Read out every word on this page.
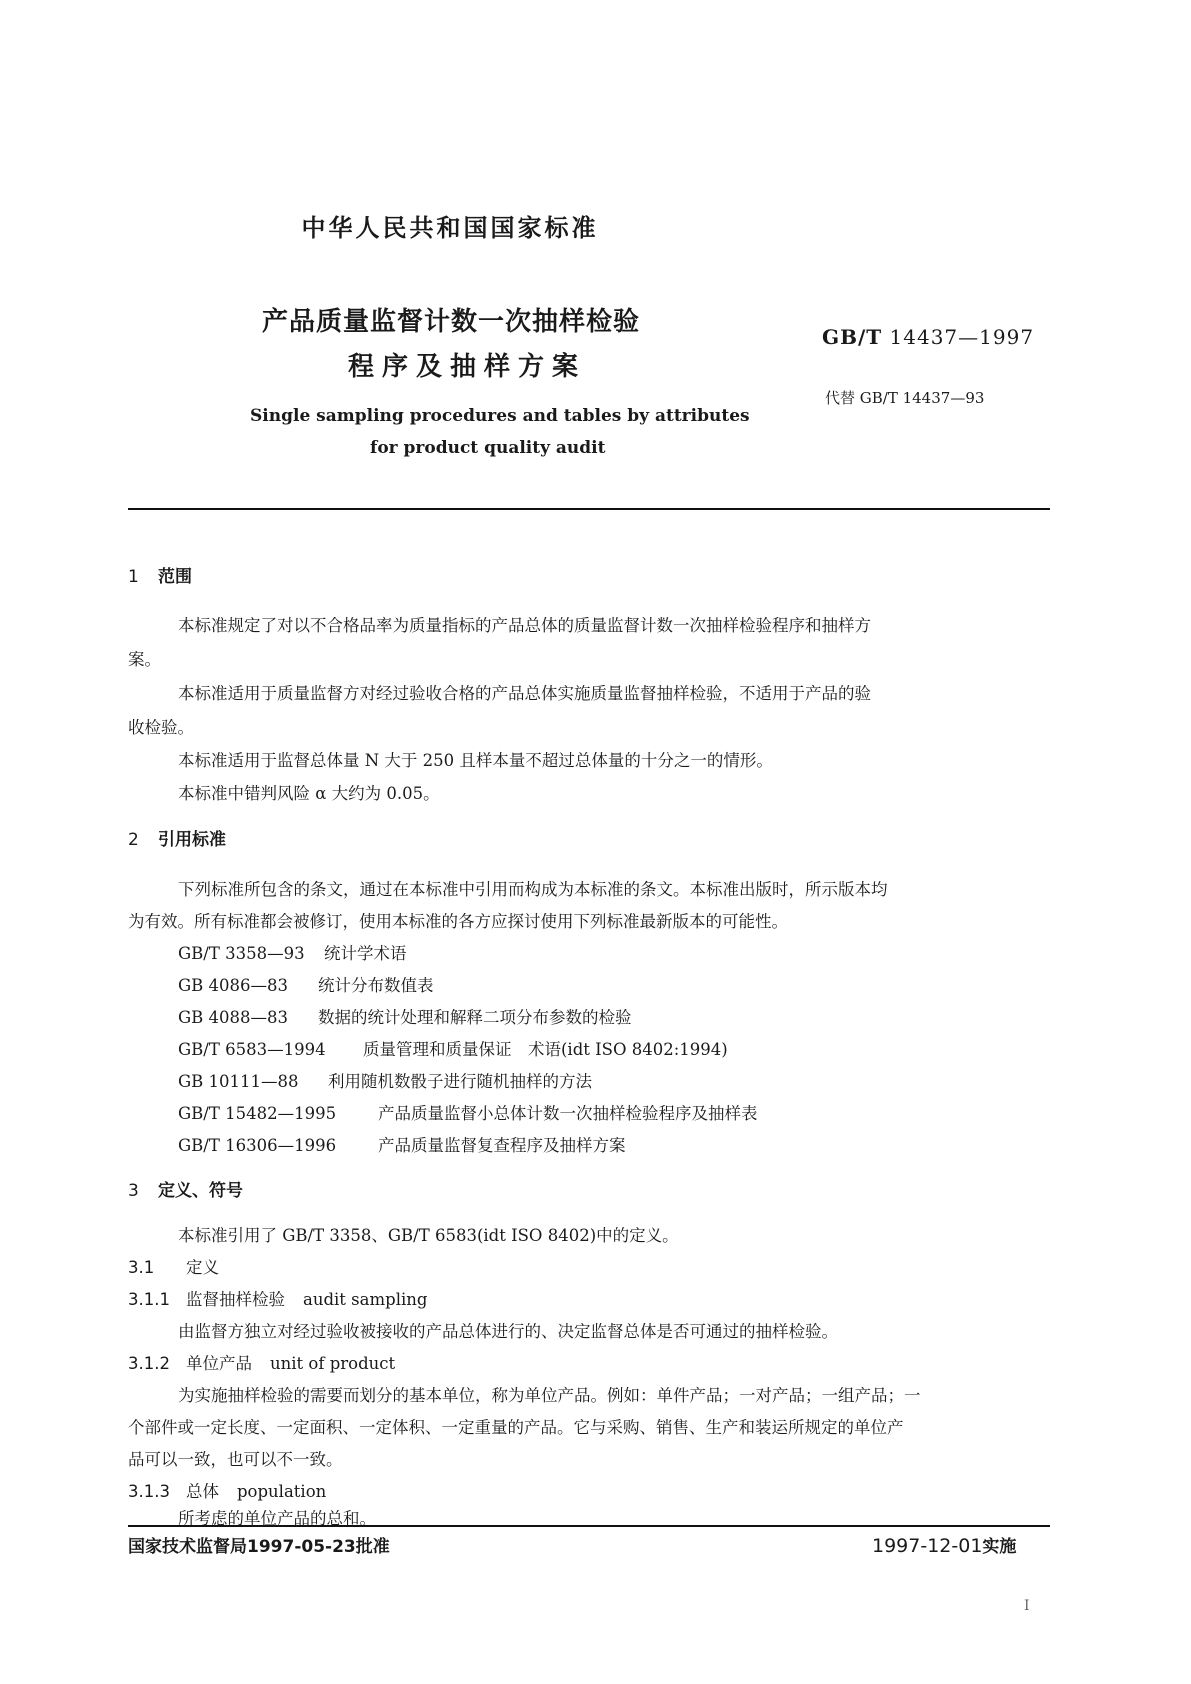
中华人民共和国国家标准
产品质量监督计数一次抽样检验
程序及抽样方案
GB/T 14437—1997
代替 GB/T 14437—93
Single sampling procedures and tables by attributes
for product quality audit
1 范围
本标准规定了对以不合格品率为质量指标的产品总体的质量监督计数一次抽样检验程序和抽样方
案。
本标准适用于质量监督方对经过验收合格的产品总体实施质量监督抽样检验，不适用于产品的验
收检验。
本标准适用于监督总体量 N 大于 250 且样本量不超过总体量的十分之一的情形。
本标准中错判风险 α 大约为 0.05。
2 引用标准
下列标准所包含的条文，通过在本标准中引用而构成为本标准的条文。本标准出版时，所示版本均
为有效。所有标准都会被修订，使用本标准的各方应探讨使用下列标准最新版本的可能性。
GB/T 3358—93 统计学术语
GB 4086—83 统计分布数值表
GB 4088—83 数据的统计处理和解释二项分布参数的检验
GB/T 6583—1994 质量管理和质量保证　术语(idt ISO 8402:1994)
GB 10111—88 利用随机数骰子进行随机抽样的方法
GB/T 15482—1995	产品质量监督小总体计数一次抽样检验程序及抽样表
GB/T 16306—1996	产品质量监督复查程序及抽样方案
3 定义、符号
本标准引用了 GB/T 3358、GB/T 6583(idt ISO 8402)中的定义。
3.1 定义
3.1.1 监督抽样检验 audit sampling
由监督方独立对经过验收被接收的产品总体进行的、决定监督总体是否可通过的抽样检验。
3.1.2 单位产品 unit of product
为实施抽样检验的需要而划分的基本单位，称为单位产品。例如：单件产品；一对产品；一组产品；一
个部件或一定长度、一定面积、一定体积、一定重量的产品。它与采购、销售、生产和装运所规定的单位产
品可以一致，也可以不一致。
3.1.3 总体 population
所考虑的单位产品的总和。
国家技术监督局1997-05-23批准	1997-12-01实施
I
